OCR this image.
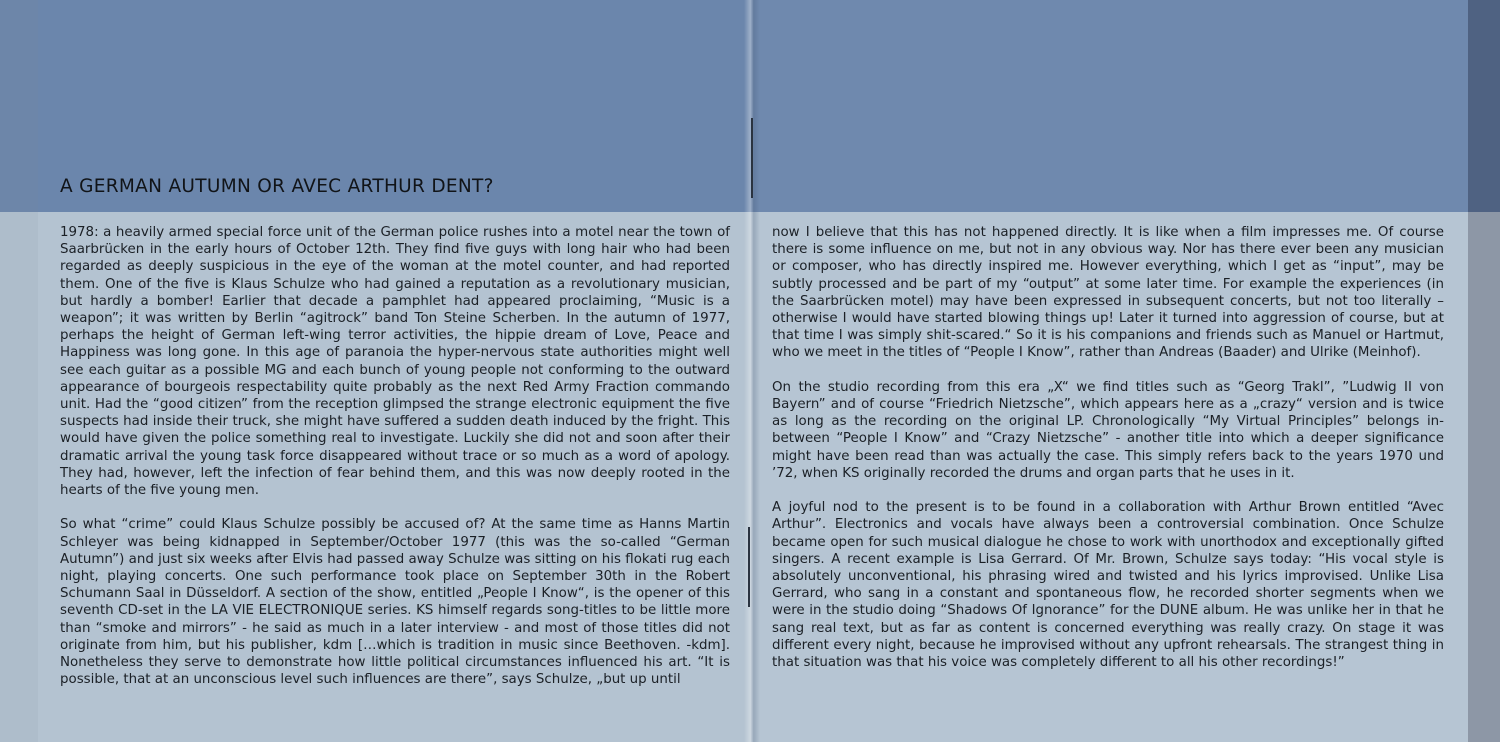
A GERMAN AUTUMN OR AVEC ARTHUR DENT?

1978: a heavily armed special force unit of the German police rushes into a motel near the town of Saarbrücken in the early hours of October 12th. They find five guys with long hair who had been regarded as deeply suspicious in the eye of the woman at the motel counter, and had reported them. One of the five is Klaus Schulze who had gained a reputation as a revolutionary musician, but hardly a bomber! Earlier that decade a pamphlet had appeared proclaiming, “Music is a weapon”; it was written by Berlin “agitrock” band Ton Steine Scherben. In the autumn of 1977, perhaps the height of German left-wing terror activities, the hippie dream of Love, Peace and Happiness was long gone. In this age of paranoia the hyper-nervous state authorities might well see each guitar as a possible MG and each bunch of young people not conforming to the outward appearance of bourgeois respectability quite probably as the next Red Army Fraction commando unit. Had the “good citizen” from the reception glimpsed the strange electronic equipment the five suspects had inside their truck, she might have suffered a sudden death induced by the fright. This would have given the police something real to investigate. Luckily she did not and soon after their dramatic arrival the young task force disappeared without trace or so much as a word of apology. They had, however, left the infection of fear behind them, and this was now deeply rooted in the hearts of the five young men.

So what “crime” could Klaus Schulze possibly be accused of? At the same time as Hanns Martin Schleyer was being kidnapped in September/October 1977 (this was the so-called “German Autumn”) and just six weeks after Elvis had passed away Schulze was sitting on his flokati rug each night, playing concerts. One such performance took place on September 30th in the Robert Schumann Saal in Düsseldorf. A section of the show, entitled „People I Know“, is the opener of this seventh CD-set in the LA VIE ELECTRONIQUE series. KS himself regards song-titles to be little more than “smoke and mirrors” - he said as much in a later interview - and most of those titles did not originate from him, but his publisher, kdm […which is tradition in music since Beethoven. -kdm]. Nonetheless they serve to demonstrate how little political circumstances influenced his art. “It is possible, that at an unconscious level such influences are there”, says Schulze, „but up until

now I believe that this has not happened directly. It is like when a film impresses me. Of course there is some influence on me, but not in any obvious way. Nor has there ever been any musician or composer, who has directly inspired me. However everything, which I get as “input”, may be subtly processed and be part of my “output” at some later time. For example the experiences (in the Saarbrücken motel) may have been expressed in subsequent concerts, but not too literally – otherwise I would have started blowing things up! Later it turned into aggression of course, but at that time I was simply shit-scared.“ So it is his companions and friends such as Manuel or Hartmut, who we meet in the titles of “People I Know”, rather than Andreas (Baader) and Ulrike (Meinhof).

On the studio recording from this era „X“ we find titles such as “Georg Trakl”, ”Ludwig II von Bayern” and of course “Friedrich Nietzsche”, which appears here as a „crazy“ version and is twice as long as the recording on the original LP. Chronologically “My Virtual Principles” belongs in-between “People I Know” and “Crazy Nietzsche” - another title into which a deeper significance might have been read than was actually the case. This simply refers back to the years 1970 und ’72, when KS originally recorded the drums and organ parts that he uses in it.

A joyful nod to the present is to be found in a collaboration with Arthur Brown entitled “Avec Arthur”. Electronics and vocals have always been a controversial combination. Once Schulze became open for such musical dialogue he chose to work with unorthodox and exceptionally gifted singers. A recent example is Lisa Gerrard. Of Mr. Brown, Schulze says today: “His vocal style is absolutely unconventional, his phrasing wired and twisted and his lyrics improvised. Unlike Lisa Gerrard, who sang in a constant and spontaneous flow, he recorded shorter segments when we were in the studio doing “Shadows Of Ignorance” for the DUNE album. He was unlike her in that he sang real text, but as far as content is concerned everything was really crazy. On stage it was different every night, because he improvised without any upfront rehearsals. The strangest thing in that situation was that his voice was completely different to all his other recordings!”
